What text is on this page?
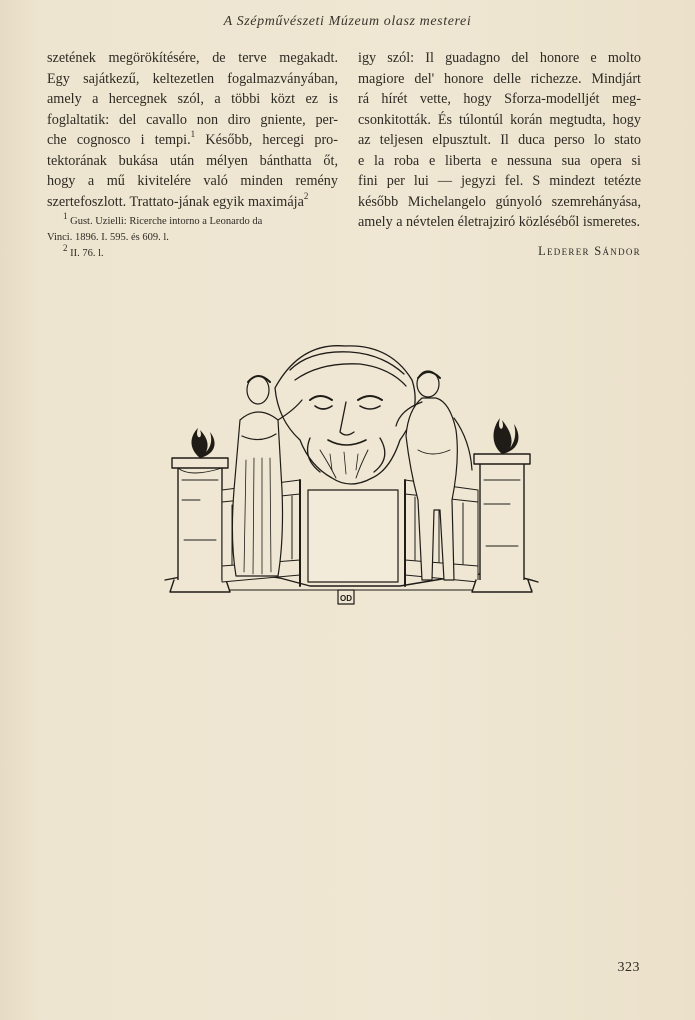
A Szépművészeti Múzeum olasz mesterei
szetének megörökítésére, de terve megakadt.
Egy sajátkezű, keltezetlen fogalmazványában,
amely a hercegnek szól, a többi közt ez is
foglaltatik: del cavallo non diro gniente, per-
che cognosco i tempi.$^1$ Később, hercegi pro-
tektorának bukása után mélyen bánthatta őt,
hogy a mű kivitelére való minden remény
szertefoszlott. Trattato-jának egyik maximája$^2$
$^1$ Gust. Uzielli: Ricerche intorno a Leonardo da
Vinci. 1896. I. 595. és 609. l.
$^2$ II. 76. l.
igy szól: Il guadagno del honore e molto
magiore del' honore delle richezze. Mindjárt
rá hírét vette, hogy Sforza-modelljét meg-
csonkitották. És túlontúl korán megtudta, hogy
az teljesen elpusztult. Il duca perso lo stato
e la roba e liberta e nessuna sua opera si
fini per lui — jegyzi fel. S mindezt tetézte
később Michelangelo gúnyoló szemrehányása,
amely a névtelen életrajziró közléséből ismeretes.
Lederer Sándor
OD
323
